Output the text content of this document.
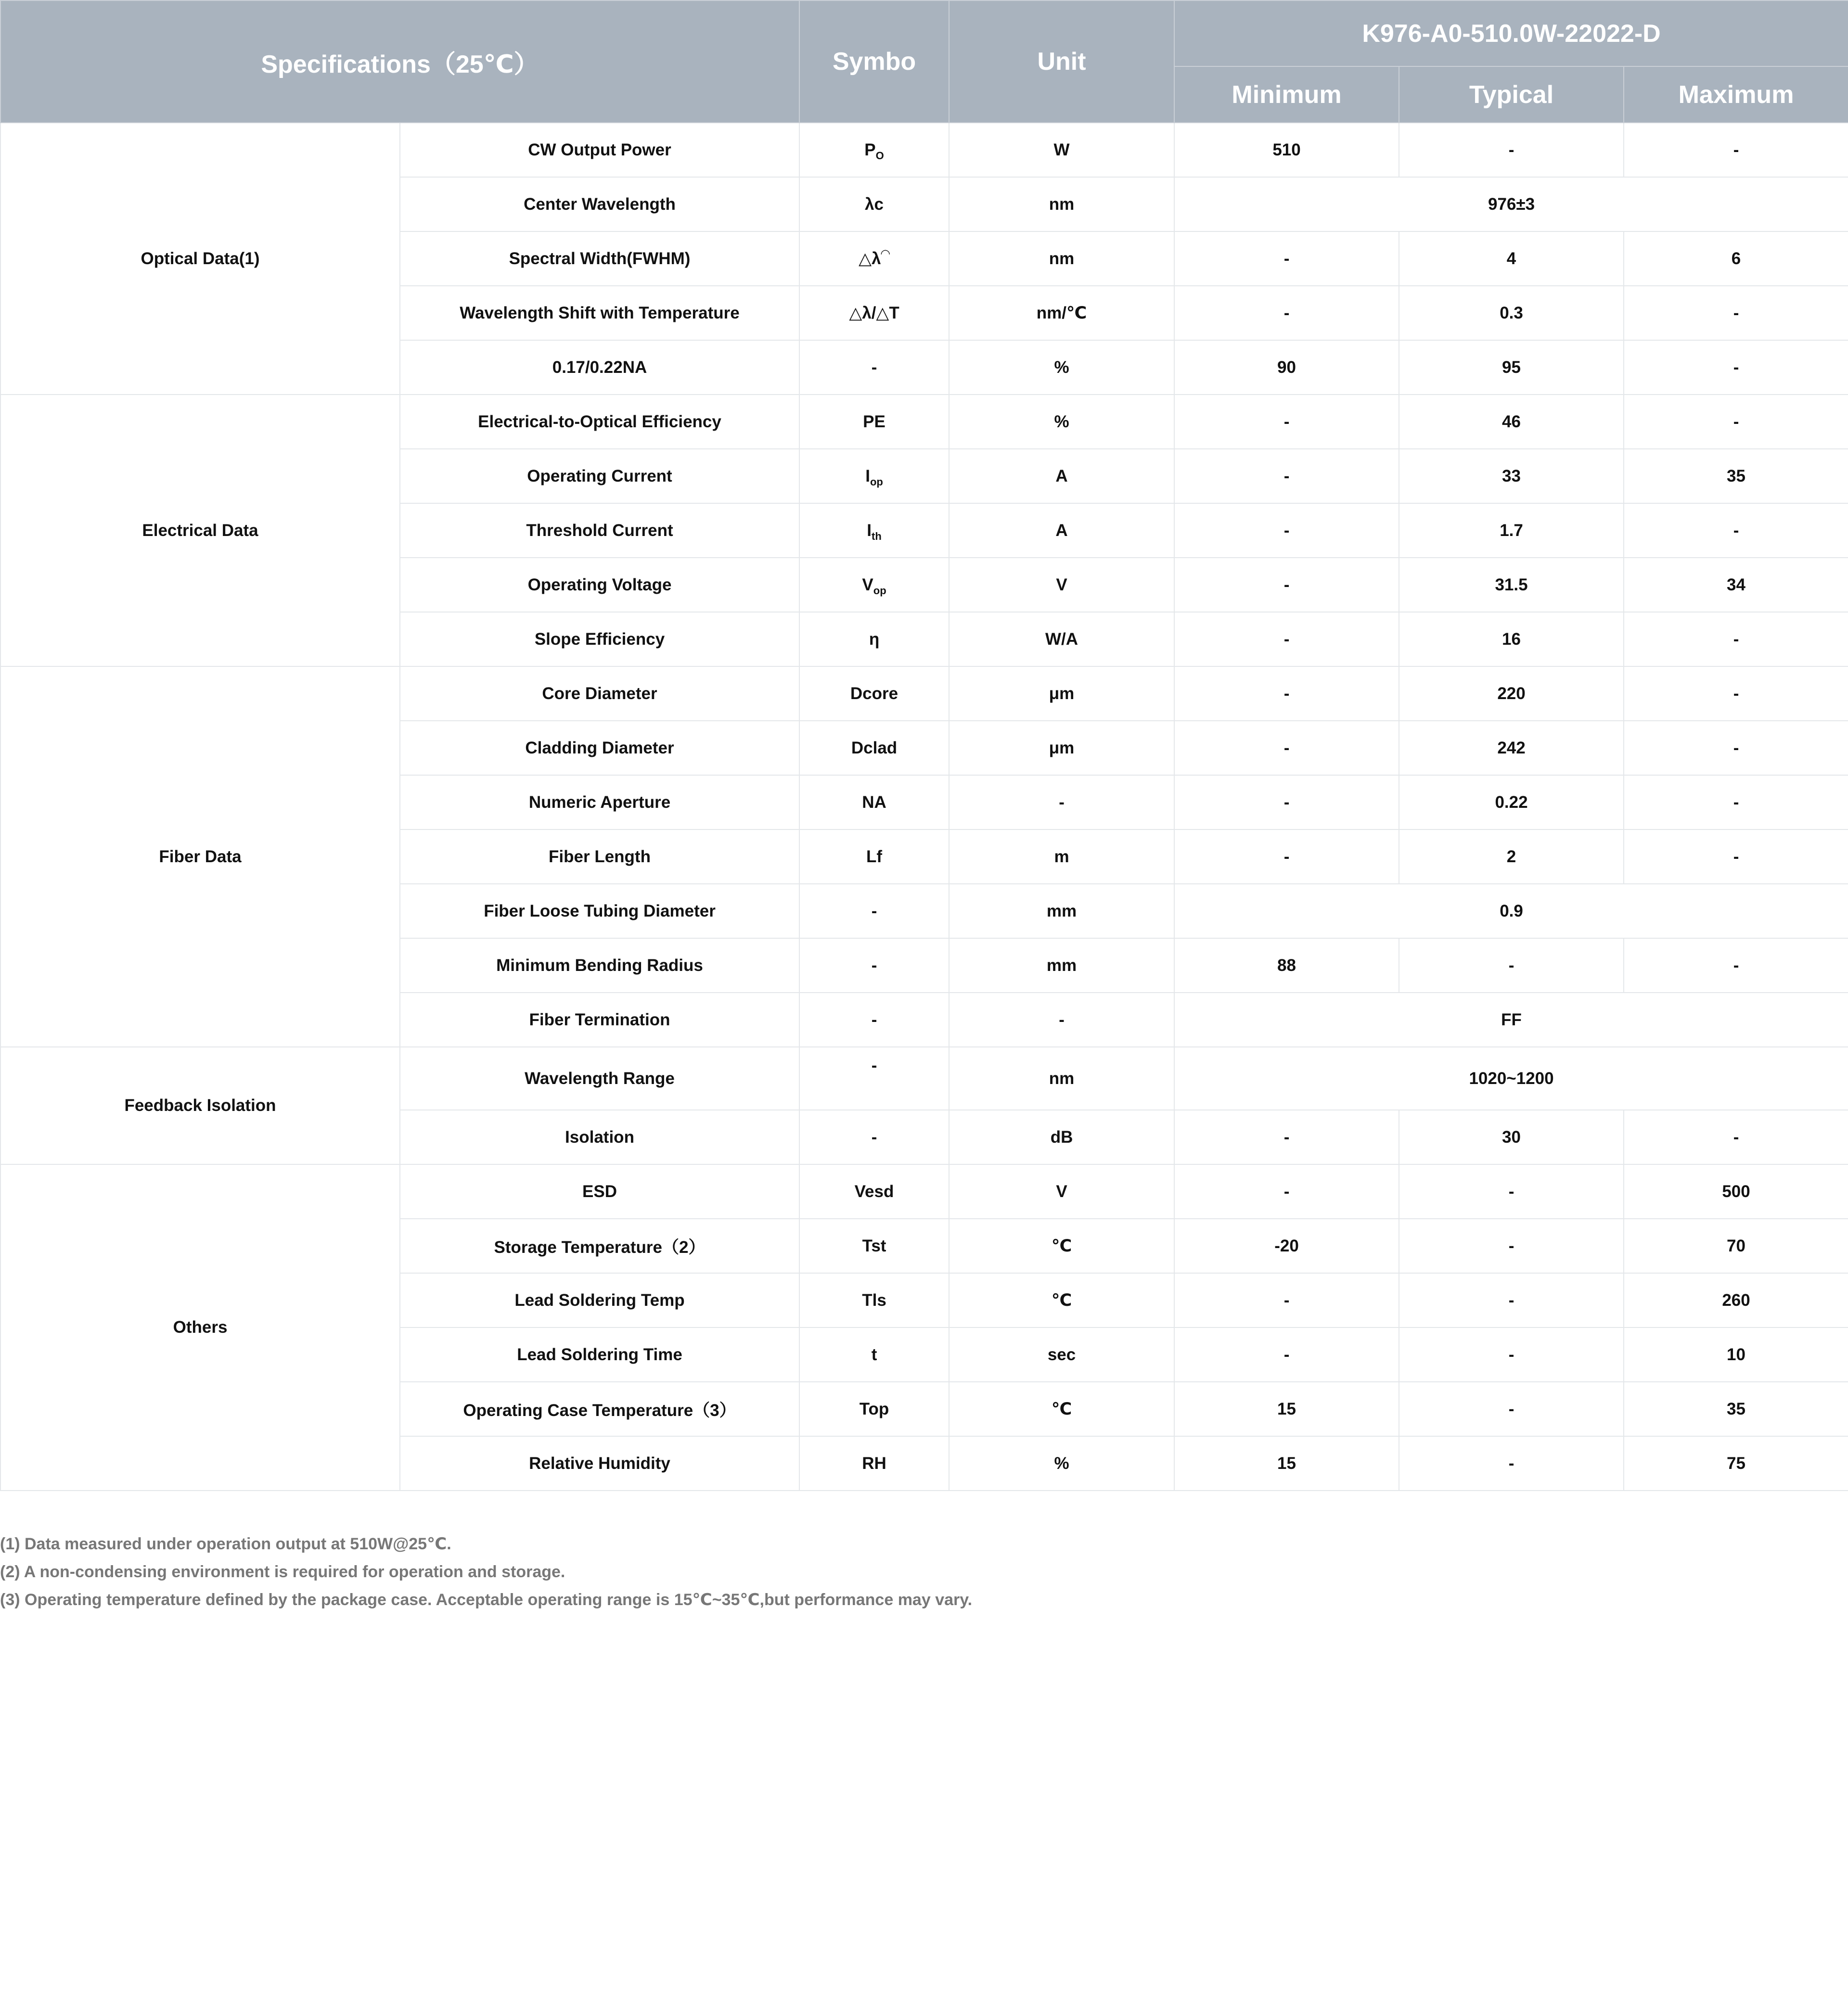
Specifications（25℃）		Symbo	Unit	K976-A0-510.0W-22022-D		
				Minimum	Typical	Maximum
Optical Data(1)	CW Output Power	$P_O$	W	510	-	-
	Center Wavelength	λc	nm	976±3		
	Spectral Width(FWHM)	△λ◠	nm	-	4	6
	Wavelength Shift with Temperature	△λ/△T	nm/℃	-	0.3	-
	0.17/0.22NA	-	%	90	95	-
Electrical Data	Electrical-to-Optical Efficiency	PE	%	-	46	-
	Operating Current	$I_{op}$	A	-	33	35
	Threshold Current	$I_{th}$	A	-	1.7	-
	Operating Voltage	$V_{op}$	V	-	31.5	34
	Slope Efficiency	η	W/A	-	16	-
Fiber Data	Core Diameter	Dcore	μm	-	220	-
	Cladding Diameter	Dclad	μm	-	242	-
	Numeric Aperture	NA	-	-	0.22	-
	Fiber Length	Lf	m	-	2	-
	Fiber Loose Tubing Diameter	-	mm	0.9		
	Minimum Bending Radius	-	mm	88	-	-
	Fiber Termination	-	-	FF		
Feedback Isolation	Wavelength Range	-	nm	1020~1200		
	Isolation	-	dB	-	30	-
Others	ESD	Vesd	V	-	-	500
	Storage Temperature（2）	Tst	℃	-20	-	70
	Lead Soldering Temp	Tls	℃	-	-	260
	Lead Soldering Time	t	sec	-	-	10
	Operating Case Temperature（3）	Top	℃	15	-	35
	Relative Humidity	RH	%	15	-	75
(1) Data measured under operation output at 510W@25℃.
(2) A non-condensing environment is required for operation and storage.
(3) Operating temperature defined by the package case. Acceptable operating range is 15℃~35℃,but performance may vary.
